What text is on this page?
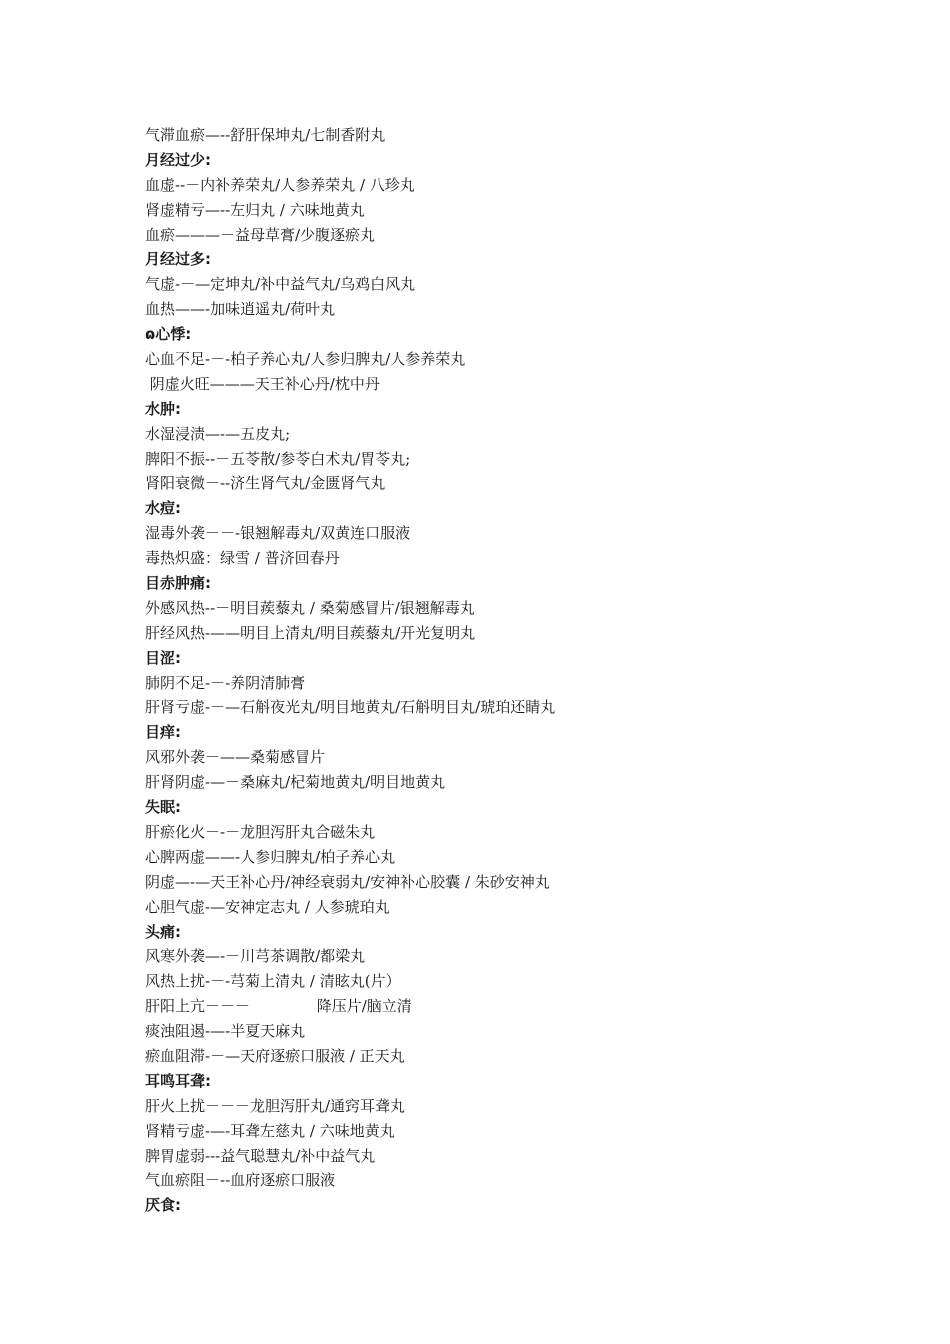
气滞血瘀—--舒肝保坤丸/七制香附丸
月经过少:
血虚--－内补养荣丸/人参养荣丸 / 八珍丸
肾虚精亏—--左归丸 / 六味地黄丸
血瘀———－益母草膏/少腹逐瘀丸
月经过多:
气虚-－—定坤丸/补中益气丸/乌鸡白风丸
血热——-加味逍遥丸/荷叶丸
ɷ心悸:
心血不足-－-柏子养心丸/人参归脾丸/人参养荣丸
阴虚火旺———天王补心丹/枕中丹
水肿:
水湿浸渍—-—五皮丸;
脾阳不振--－五苓散/参苓白术丸/胃苓丸;
肾阳衰微－--济生肾气丸/金匮肾气丸
水痘:
湿毒外袭－－-银翘解毒丸/双黄连口服液
毒热炽盛：绿雪 / 普济回春丹
目赤肿痛:
外感风热--－明目蒺藜丸 / 桑菊感冒片/银翘解毒丸
肝经风热-——明目上清丸/明目蒺藜丸/开光复明丸
目涩:
肺阴不足-－-养阴清肺膏
肝肾亏虚-－—石斛夜光丸/明目地黄丸/石斛明目丸/琥珀还睛丸
目痒:
风邪外袭－——桑菊感冒片
肝肾阴虚-—－桑麻丸/杞菊地黄丸/明目地黄丸
失眠:
肝瘀化火－-－龙胆泻肝丸合磁朱丸
心脾两虚——-人参归脾丸/柏子养心丸
阴虚—-—天王补心丹/神经衰弱丸/安神补心胶囊 / 朱砂安神丸
心胆气虚-—安神定志丸 / 人参琥珀丸
头痛:
风寒外袭—-－川芎茶调散/都梁丸
风热上扰-－-芎菊上清丸 / 清眩丸(片）
肝阳上亢－－－              降压片/脑立清
痰浊阻遏-—-半夏天麻丸
瘀血阻滞-－—天府逐瘀口服液 / 正天丸
耳鸣耳聋:
肝火上扰－－－龙胆泻肝丸/通窍耳聋丸
肾精亏虚-—-耳聋左慈丸 / 六味地黄丸
脾胃虚弱---益气聪慧丸/补中益气丸
气血瘀阻－--血府逐瘀口服液
厌食:
